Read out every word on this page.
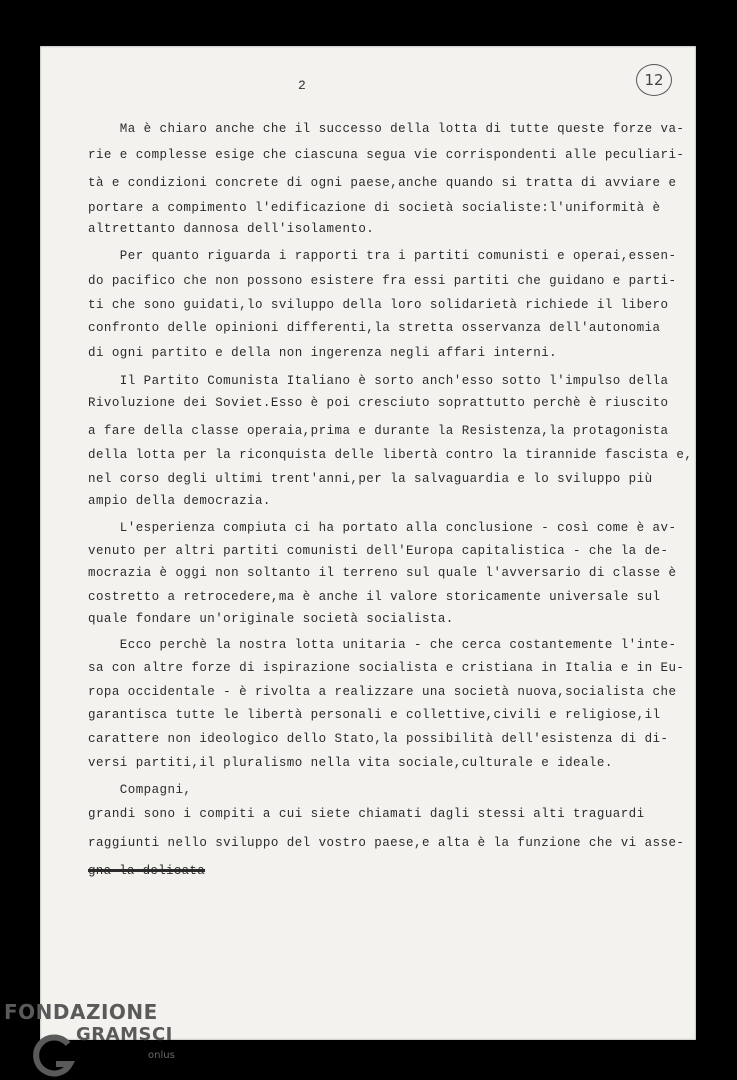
2	12
Ma è chiaro anche che il successo della lotta di tutte queste forze va-
rie e complesse esige che ciascuna segua vie corrispondenti alle peculiari-
tà e condizioni concrete di ogni paese,anche quando si tratta di avviare e
portare a compimento l'edificazione di società socialiste:l'uniformità è
altrettanto dannosa dell'isolamento.
Per quanto riguarda i rapporti tra i partiti comunisti e operai,essen-
do pacifico che non possono esistere fra essi partiti che guidano e parti-
ti che sono guidati,lo sviluppo della loro solidarietà richiede il libero
confronto delle opinioni differenti,la stretta osservanza dell'autonomia
di ogni partito e della non ingerenza negli affari interni.
Il Partito Comunista Italiano è sorto anch'esso sotto l'impulso della
Rivoluzione dei Soviet.Esso è poi cresciuto soprattutto perchè è riuscito
a fare della classe operaia,prima e durante la Resistenza,la protagonista
della lotta per la riconquista delle libertà contro la tirannide fascista e,
nel corso degli ultimi trent'anni,per la salvaguardia e lo sviluppo più
ampio della democrazia.
L'esperienza compiuta ci ha portato alla conclusione - così come è av-
venuto per altri partiti comunisti dell'Europa capitalistica - che la de-
mocrazia è oggi non soltanto il terreno sul quale l'avversario di classe è
costretto a retrocedere,ma è anche il valore storicamente universale sul
quale fondare un'originale società socialista.
Ecco perchè la nostra lotta unitaria - che cerca costantemente l'inte-
sa con altre forze di ispirazione socialista e cristiana in Italia e in Eu-
ropa occidentale - è rivolta a realizzare una società nuova,socialista che
garantisca tutte le libertà personali e collettive,civili e religiose,il
carattere non ideologico dello Stato,la possibilità dell'esistenza di di-
versi partiti,il pluralismo nella vita sociale,culturale e ideale.
Compagni,
grandi sono i compiti a cui siete chiamati dagli stessi alti traguardi
raggiunti nello sviluppo del vostro paese,e alta è la funzione che vi asse-
gna la delicata
FONDAZIONE
GRAMSCI
onlus
